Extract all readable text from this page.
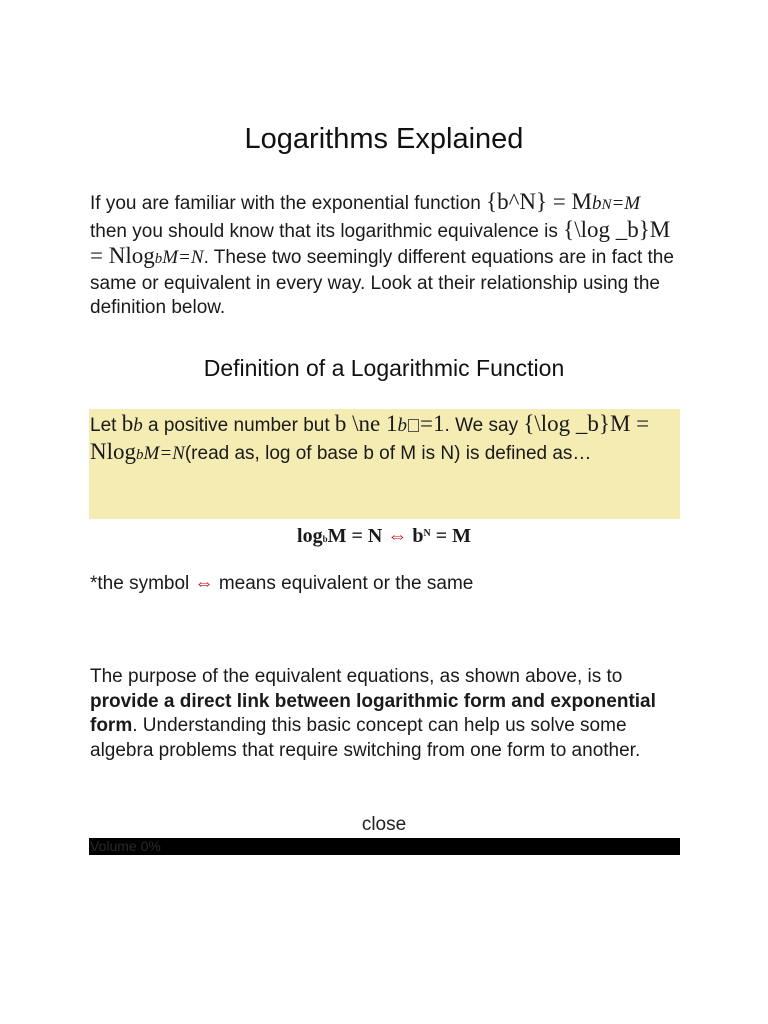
Logarithms Explained
If you are familiar with the exponential function {b^N} = MbN=M then you should know that its logarithmic equivalence is {\log _b}M = NlogbM=N. These two seemingly different equations are in fact the same or equivalent in every way. Look at their relationship using the definition below.
Definition of a Logarithmic Function
Let bb a positive number but b \ne 1b =1. We say {\log _b}M = NlogbM=N(read as, log of base b of M is N) is defined as…
logbM = N ⇔ $b^N = M$
*the symbol ⇔ means equivalent or the same
The purpose of the equivalent equations, as shown above, is to provide a direct link between logarithmic form and exponential form. Understanding this basic concept can help us solve some algebra problems that require switching from one form to another.
close
Volume 0%
